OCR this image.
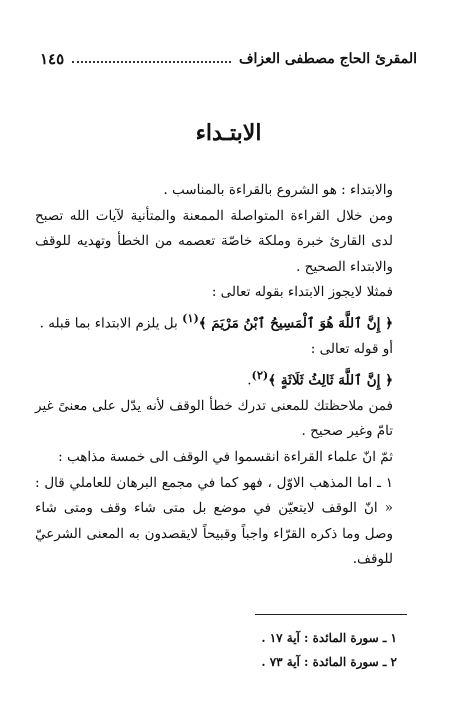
المقرئ الحاج مصطفى العزاف
١٤٥
الابتـداء

والابتداء : هو الشروع بالقراءة بالمناسب .

ومن خلال القراءة المتواصلة الممعنة والمتأنية لآيات الله تصبح لدى القارئ خبرة وملكة خاصّة تعصمه من الخطأ وتهديه للوقف والابتداء الصحيح .

فمثلا لايجوز الابتداء بقوله تعالى :

﴿ إِنَّ ٱللَّهَ هُوَ ٱلْمَسِيحُ ٱبْنُ مَرْيَمَ ﴾$^{(١)}$ بل يلزم الابتداء بما قبله .

أو قوله تعالى :

﴿ إِنَّ ٱللَّهَ ثَالِثُ ثَلَاثَةٍ ﴾$^{(٢)}$.

فمن ملاحظتك للمعنى تدرك خطأ الوقف لأنه يدّل على معنىً غير تامّ وغير صحيح .

ثمّ انّ علماء القراءة انقسموا في الوقف الى خمسة مذاهب :

١ ـ اما المذهب الاوّل ، فهو كما في مجمع البرهان للعاملي قال : « انّ الوقف لايتعيّن في موضع بل متى شاء وقف ومتى شاء وصل وما ذكره القرّاء واجباً وقبيحاً لايقصدون به المعنى الشرعيّ للوقف.

١ ـ سورة المائدة : آية ١٧ .
٢ ـ سورة المائدة : آية ٧٣ .
